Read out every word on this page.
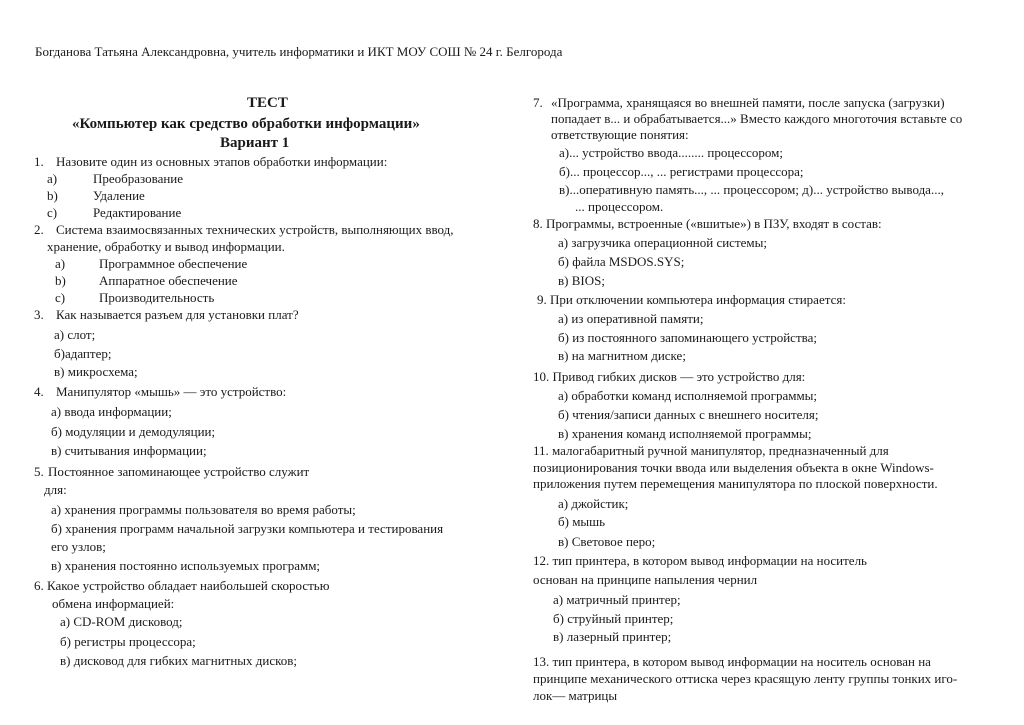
Богданова Татьяна Александровна, учитель информатики и ИКТ МОУ СОШ № 24 г. Белгорода
ТЕСТ
«Компьютер как средство обработки информации»
Вариант 1
1. Назовите один из основных этапов обработки информации:
a)	Преобразование
b)	Удаление
c)	Редактирование
2. Система взаимосвязанных технических устройств, выполняющих ввод,
хранение, обработку и вывод информации.
a)	Программное обеспечение
b)	Аппаратное обеспечение
c)	Производительность
3. Как называется разъем для установки плат?
а) слот;
б)адаптер;
в) микросхема;
4. Манипулятор «мышь» — это устройство:
а) ввода информации;
б) модуляции и демодуляции;
в) считывания информации;
5. Постоянное запоминающее устройство служит
для:
а) хранения программы пользователя во время работы;
б) хранения программ начальной загрузки компьютера и тестирования
его узлов;
в) хранения постоянно используемых программ;
6. Какое устройство обладает наибольшей скоростью
обмена информацией:
а) CD-ROM дисковод;
б) регистры процессора;
в) дисковод для гибких магнитных дисков;
7. «Программа, хранящаяся во внешней памяти, после запуска (загрузки)
попадает в... и обрабатывается...» Вместо каждого многоточия вставьте со
ответствующие понятия:
а)... устройство ввода........ процессором;
б)... процессор..., ... регистрами процессора;
в)...оперативную память..., ... процессором; д)... устройство вывода...,
... процессором.
8. Программы, встроенные («вшитые») в ПЗУ, входят в состав:
а) загрузчика операционной системы;
б) файла MSDOS.SYS;
в) BIOS;
9. При отключении компьютера информация стирается:
а) из оперативной памяти;
б) из постоянного запоминающего устройства;
в) на магнитном диске;
10. Привод гибких дисков — это устройство для:
а) обработки команд исполняемой программы;
б) чтения/записи данных с внешнего носителя;
в) хранения команд исполняемой программы;
11. малогабаритный ручной манипулятор, предназначенный для
позиционирования точки ввода или выделения объекта в окне Windows-
приложения путем перемещения манипулятора по плоской поверхности.
а) джойстик;
б) мышь
в) Световое перо;
12. тип принтера, в котором вывод информации на носитель
основан на принципе напыления чернил
а) матричный принтер;
б) струйный принтер;
в) лазерный принтер;
13. тип принтера, в котором вывод информации на носитель основан на
принципе механического оттиска через красящую ленту группы тонких иго-
лок— матрицы
